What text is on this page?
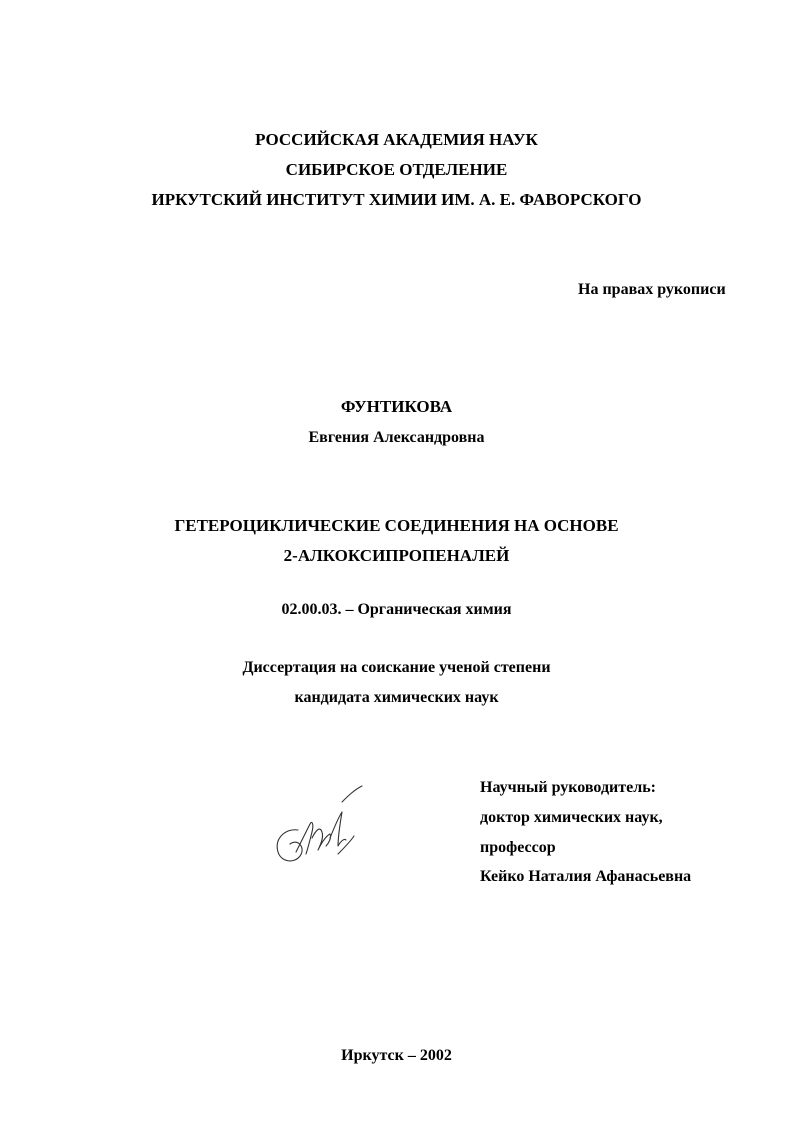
РОССИЙСКАЯ АКАДЕМИЯ НАУК
СИБИРСКОЕ ОТДЕЛЕНИЕ
ИРКУТСКИЙ ИНСТИТУТ ХИМИИ ИМ. А. Е. ФАВОРСКОГО
На правах рукописи
ФУНТИКОВА
Евгения Александровна
ГЕТЕРОЦИКЛИЧЕСКИЕ СОЕДИНЕНИЯ НА ОСНОВЕ
2-АЛКОКСИПРОПЕНАЛЕЙ
02.00.03. – Органическая химия
Диссертация на соискание ученой степени
кандидата химических наук
Научный руководитель:
доктор химических наук,
профессор
Кейко Наталия Афанасьевна
Иркутск – 2002
